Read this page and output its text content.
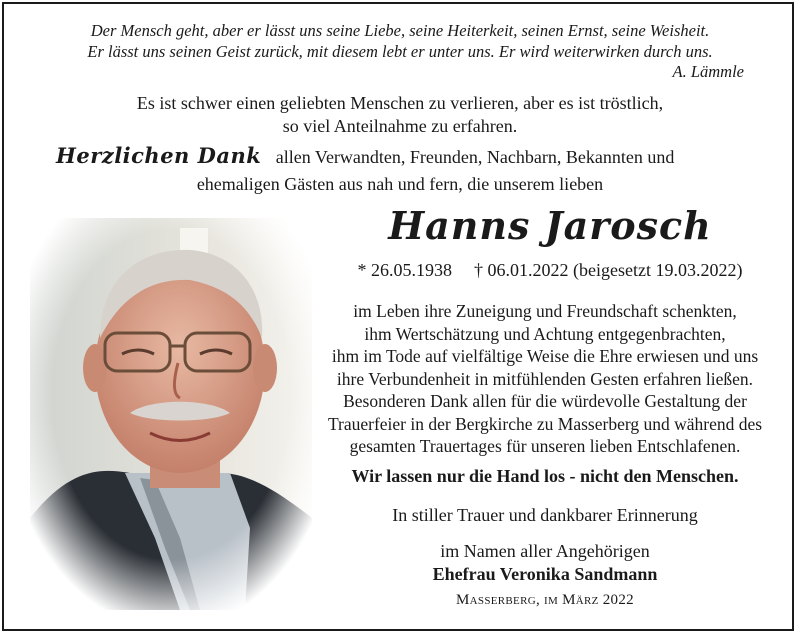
Der Mensch geht, aber er lässt uns seine Liebe, seine Heiterkeit, seinen Ernst, seine Weisheit.
Er lässt uns seinen Geist zurück, mit diesem lebt er unter uns. Er wird weiterwirken durch uns.
A. Lämmle
Es ist schwer einen geliebten Menschen zu verlieren, aber es ist tröstlich,
so viel Anteilnahme zu erfahren.
Herzlichen Dank allen Verwandten, Freunden, Nachbarn, Bekannten und
ehemaligen Gästen aus nah und fern, die unserem lieben
Hanns Jarosch
* 26.05.1938 † 06.01.2022 (beigesetzt 19.03.2022)
im Leben ihre Zuneigung und Freundschaft schenkten,
ihm Wertschätzung und Achtung entgegenbrachten,
ihm im Tode auf vielfältige Weise die Ehre erwiesen und uns
ihre Verbundenheit in mitfühlenden Gesten erfahren ließen.
Besonderen Dank allen für die würdevolle Gestaltung der
Trauerfeier in der Bergkirche zu Masserberg und während des
gesamten Trauertages für unseren lieben Entschlafenen.
Wir lassen nur die Hand los - nicht den Menschen.
In stiller Trauer und dankbarer Erinnerung
im Namen aller Angehörigen
Ehefrau Veronika Sandmann
Masserberg, im März 2022
